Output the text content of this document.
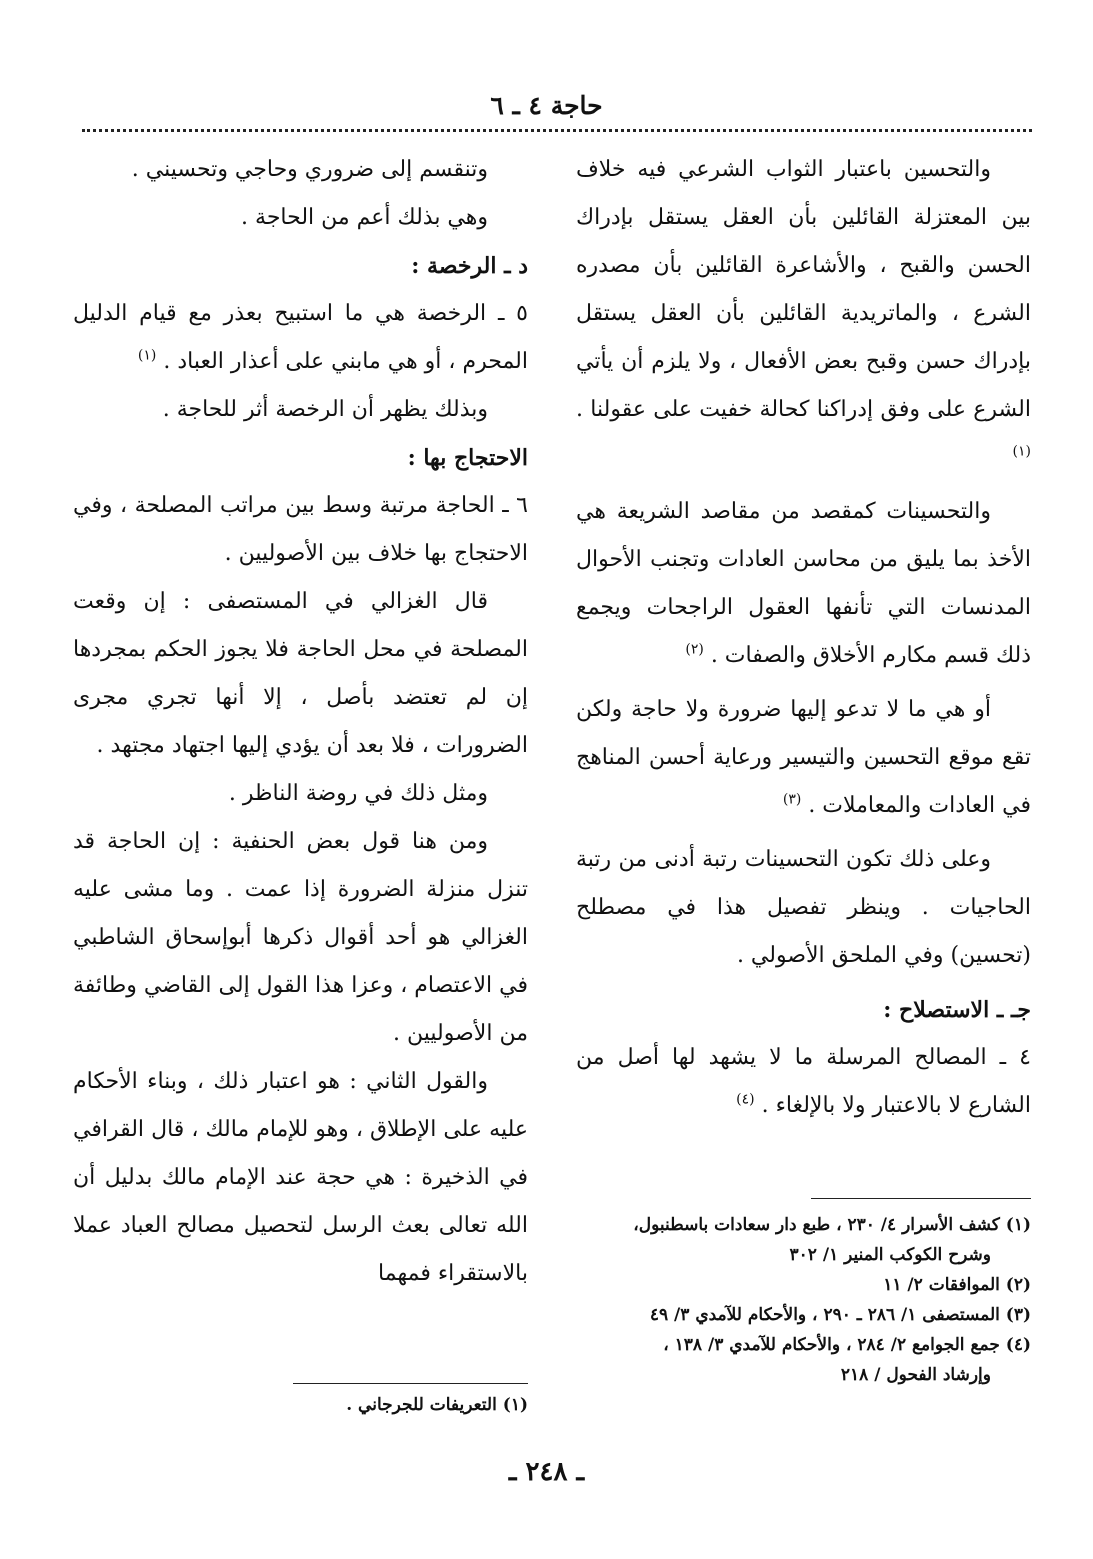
حاجة ٤ ـ ٦

والتحسين باعتبار الثواب الشرعي فيه خلاف بين المعتزلة القائلين بأن العقل يستقل بإدراك الحسن والقبح ، والأشاعرة القائلين بأن مصدره الشرع ، والماتريدية القائلين بأن العقل يستقل بإدراك حسن وقبح بعض الأفعال ، ولا يلزم أن يأتي الشرع على وفق إدراكنا كحالة خفيت على عقولنا . $^{(١)}$

والتحسينات كمقصد من مقاصد الشريعة هي الأخذ بما يليق من محاسن العادات وتجنب الأحوال المدنسات التي تأنفها العقول الراجحات ويجمع ذلك قسم مكارم الأخلاق والصفات . $^{(٢)}$

أو هي ما لا تدعو إليها ضرورة ولا حاجة ولكن تقع موقع التحسين والتيسير ورعاية أحسن المناهج في العادات والمعاملات . $^{(٣)}$

وعلى ذلك تكون التحسينات رتبة أدنى من رتبة الحاجيات . وينظر تفصيل هذا في مصطلح (تحسين) وفي الملحق الأصولي .

جـ ـ الاستصلاح :

٤ ـ المصالح المرسلة ما لا يشهد لها أصل من الشارع لا بالاعتبار ولا بالإلغاء . $^{(٤)}$

(١) كشف الأسرار ٤/ ٢٣٠ ، طبع دار سعادات باسطنبول،

وشرح الكوكب المنير ١/ ٣٠٢

(٢) الموافقات ٢/ ١١

(٣) المستصفى ١/ ٢٨٦ ـ ٢٩٠ ، والأحكام للآمدي ٣/ ٤٩

(٤) جمع الجوامع ٢/ ٢٨٤ ، والأحكام للآمدي ٣/ ١٣٨ ،

وإرشاد الفحول / ٢١٨

وتنقسم إلى ضروري وحاجي وتحسيني .

وهي بذلك أعم من الحاجة .

د ـ الرخصة :

٥ ـ الرخصة هي ما استبيح بعذر مع قيام الدليل المحرم ، أو هي مابني على أعذار العباد . $^{(١)}$

وبذلك يظهر أن الرخصة أثر للحاجة .

الاحتجاج بها :

٦ ـ الحاجة مرتبة وسط بين مراتب المصلحة ، وفي الاحتجاج بها خلاف بين الأصوليين .

قال الغزالي في المستصفى : إن وقعت المصلحة في محل الحاجة فلا يجوز الحكم بمجردها إن لم تعتضد بأصل ، إلا أنها تجري مجرى الضرورات ، فلا بعد أن يؤدي إليها اجتهاد مجتهد .

ومثل ذلك في روضة الناظر .

ومن هنا قول بعض الحنفية : إن الحاجة قد تنزل منزلة الضرورة إذا عمت . وما مشى عليه الغزالي هو أحد أقوال ذكرها أبوإسحاق الشاطبي في الاعتصام ، وعزا هذا القول إلى القاضي وطائفة من الأصوليين .

والقول الثاني : هو اعتبار ذلك ، وبناء الأحكام عليه على الإطلاق ، وهو للإمام مالك ، قال القرافي في الذخيرة : هي حجة عند الإمام مالك بدليل أن الله تعالى بعث الرسل لتحصيل مصالح العباد عملا بالاستقراء فمهما

(١) التعريفات للجرجاني .

ـ ٢٤٨ ـ
